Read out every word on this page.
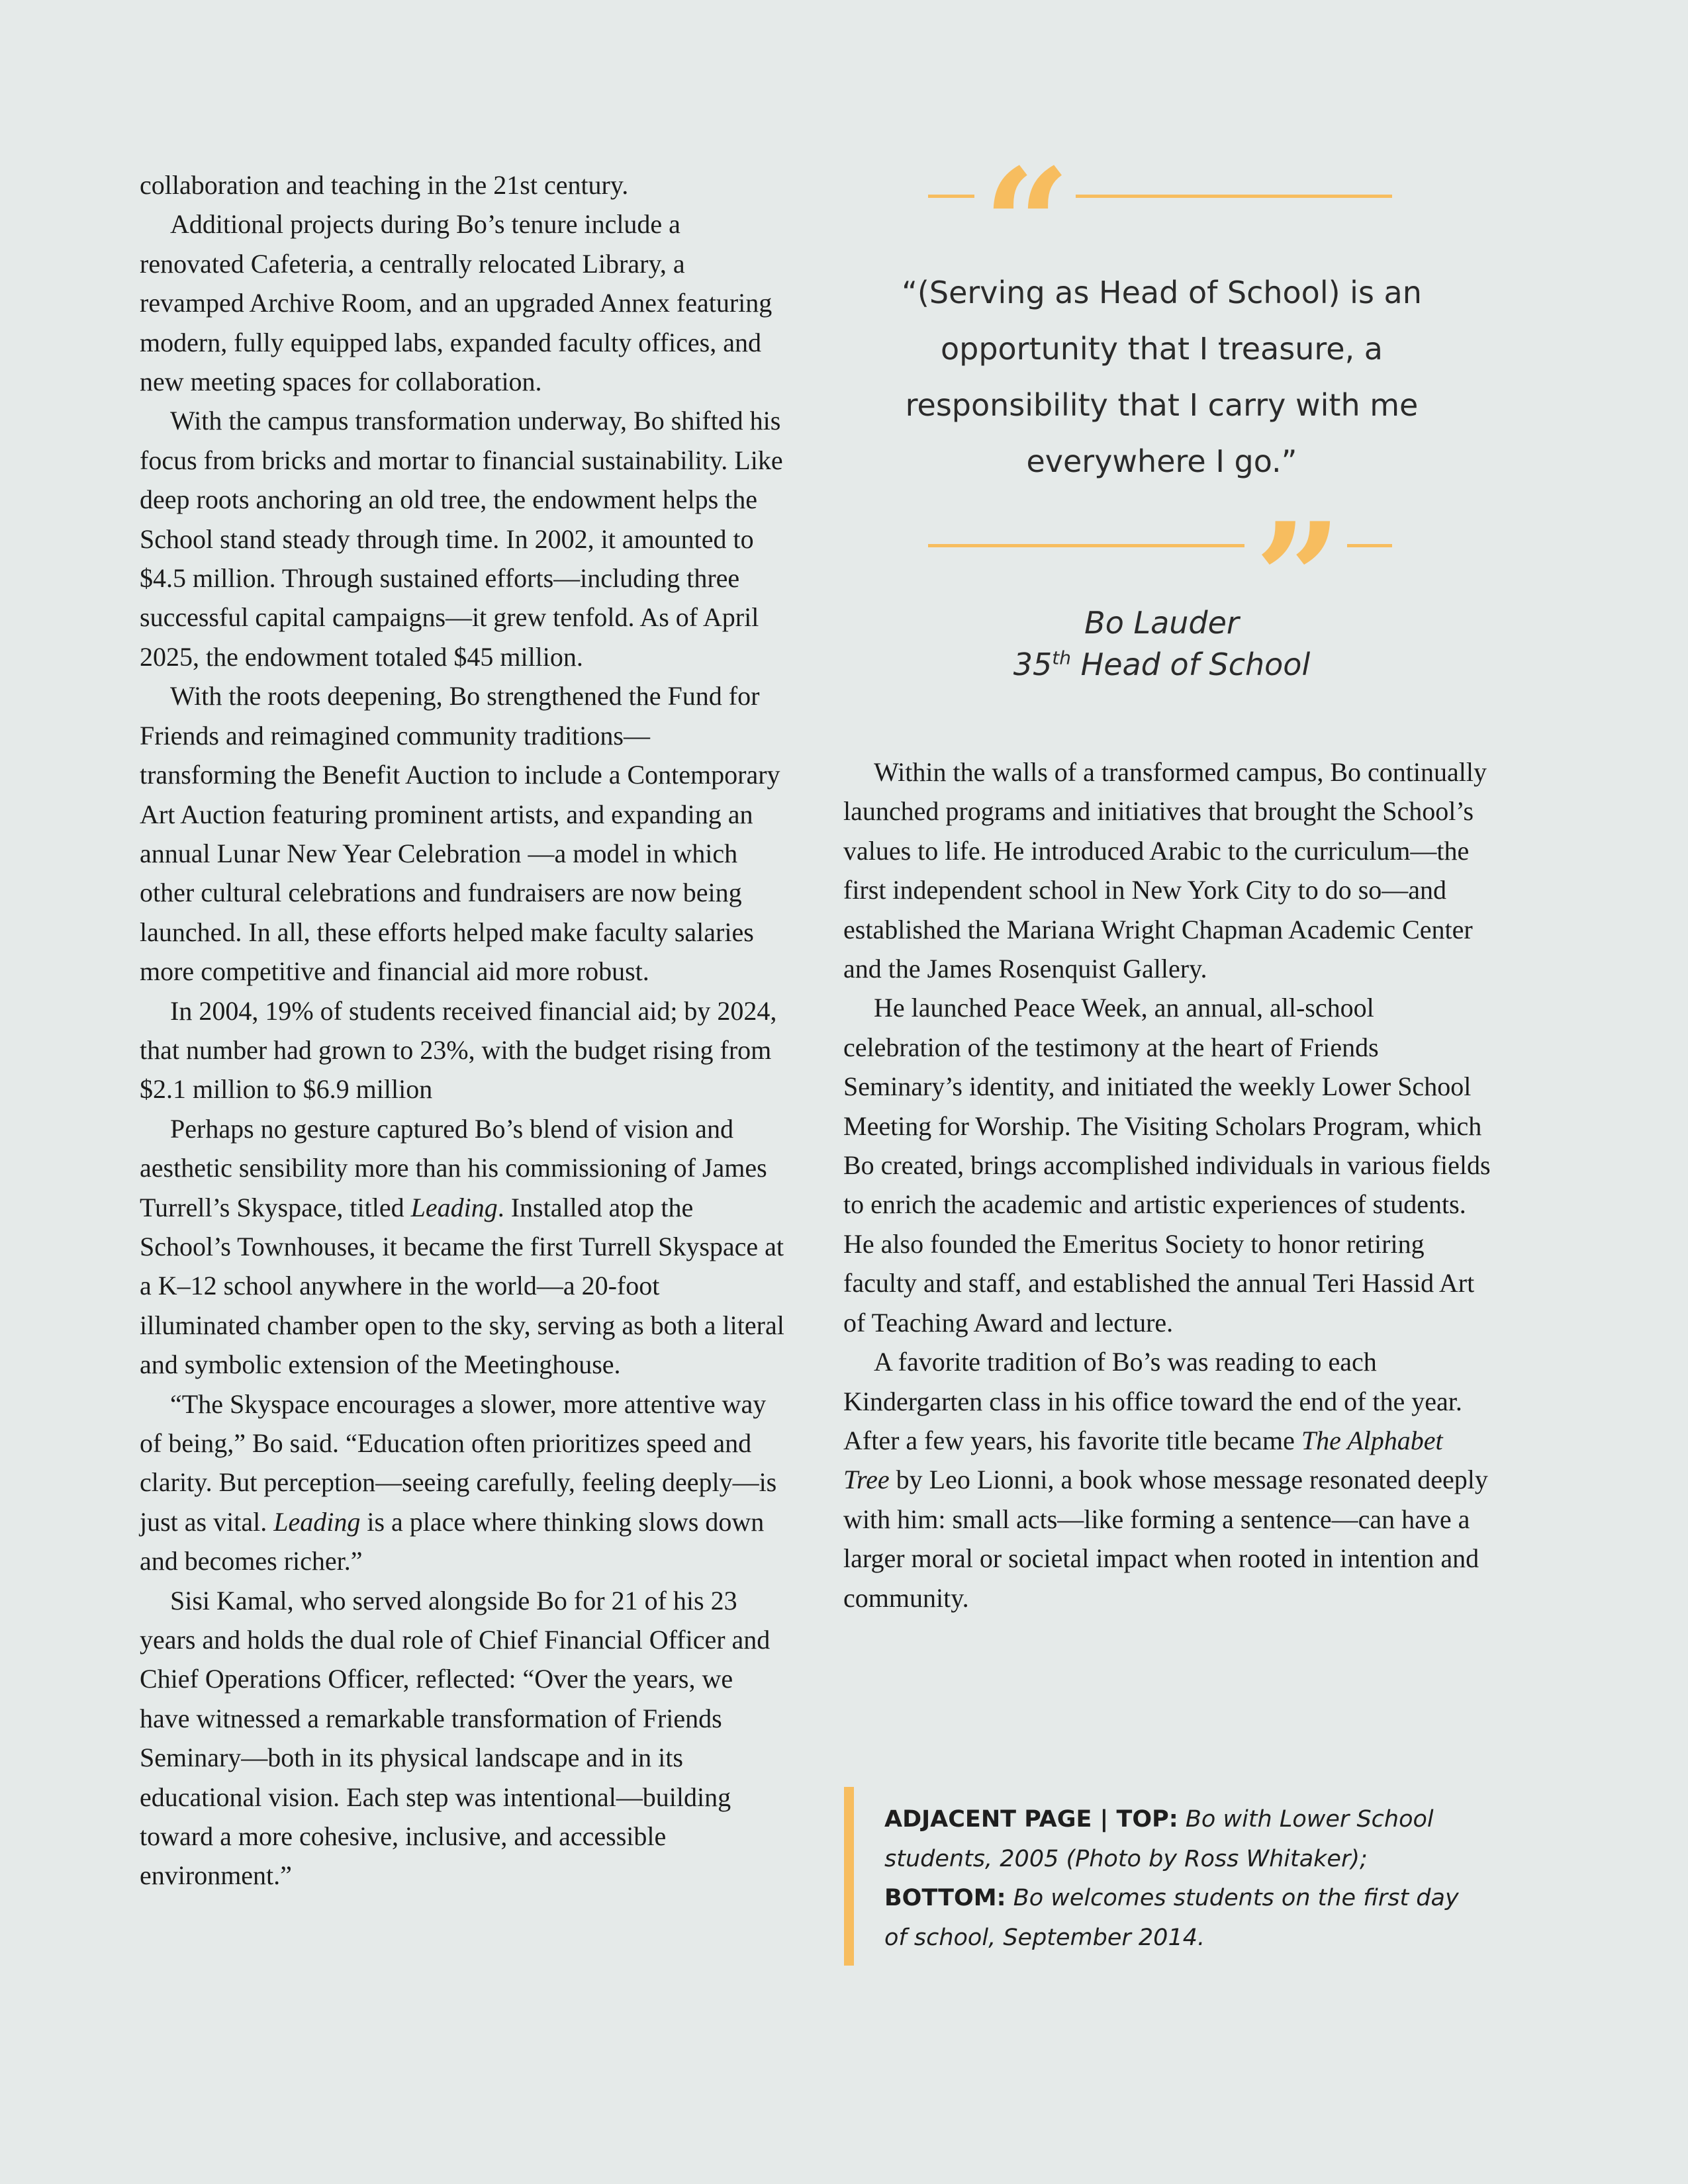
collaboration and teaching in the 21st century.

Additional projects during Bo’s tenure include a renovated Cafeteria, a centrally relocated Library, a revamped Archive Room, and an upgraded Annex featuring modern, fully equipped labs, expanded faculty offices, and new meeting spaces for collaboration.

With the campus transformation underway, Bo shifted his focus from bricks and mortar to financial sustainability. Like deep roots anchoring an old tree, the endowment helps the School stand steady through time. In 2002, it amounted to $4.5 million. Through sustained efforts—including three successful capital campaigns—it grew tenfold. As of April 2025, the endowment totaled $45 million.

With the roots deepening, Bo strengthened the Fund for Friends and reimagined community traditions—transforming the Benefit Auction to include a Contemporary Art Auction featuring prominent artists, and expanding an annual Lunar New Year Celebration —a model in which other cultural celebrations and fundraisers are now being launched. In all, these efforts helped make faculty salaries more competitive and financial aid more robust.

In 2004, 19% of students received financial aid; by 2024, that number had grown to 23%, with the budget rising from $2.1 million to $6.9 million

Perhaps no gesture captured Bo’s blend of vision and aesthetic sensibility more than his commissioning of James Turrell’s Skyspace, titled Leading. Installed atop the School’s Townhouses, it became the first Turrell Skyspace at a K–12 school anywhere in the world—a 20-foot illuminated chamber open to the sky, serving as both a literal and symbolic extension of the Meetinghouse.

“The Skyspace encourages a slower, more attentive way of being,” Bo said. “Education often prioritizes speed and clarity. But perception—seeing carefully, feeling deeply—is just as vital. Leading is a place where thinking slows down and becomes richer.”

Sisi Kamal, who served alongside Bo for 21 of his 23 years and holds the dual role of Chief Financial Officer and Chief Operations Officer, reflected: “Over the years, we have witnessed a remarkable transformation of Friends Seminary—both in its physical landscape and in its educational vision. Each step was intentional—building toward a more cohesive, inclusive, and accessible environment.”

“

“(Serving as Head of School) is an opportunity that I treasure, a responsibility that I carry with me everywhere I go.”

”
Bo Lauder
35th Head of School

Within the walls of a transformed campus, Bo continually launched programs and initiatives that brought the School’s values to life. He introduced Arabic to the curriculum—the first independent school in New York City to do so—and established the Mariana Wright Chapman Academic Center and the James Rosenquist Gallery.

He launched Peace Week, an annual, all-school celebration of the testimony at the heart of Friends Seminary’s identity, and initiated the weekly Lower School Meeting for Worship. The Visiting Scholars Program, which Bo created, brings accomplished individuals in various fields to enrich the academic and artistic experiences of students. He also founded the Emeritus Society to honor retiring faculty and staff, and established the annual Teri Hassid Art of Teaching Award and lecture.

A favorite tradition of Bo’s was reading to each Kindergarten class in his office toward the end of the year. After a few years, his favorite title became The Alphabet Tree by Leo Lionni, a book whose message resonated deeply with him: small acts—like forming a sentence—can have a larger moral or societal impact when rooted in intention and community.

ADJACENT PAGE | TOP: Bo with Lower School students, 2005 (Photo by Ross Whitaker); BOTTOM: Bo welcomes students on the first day of school, September 2014.
